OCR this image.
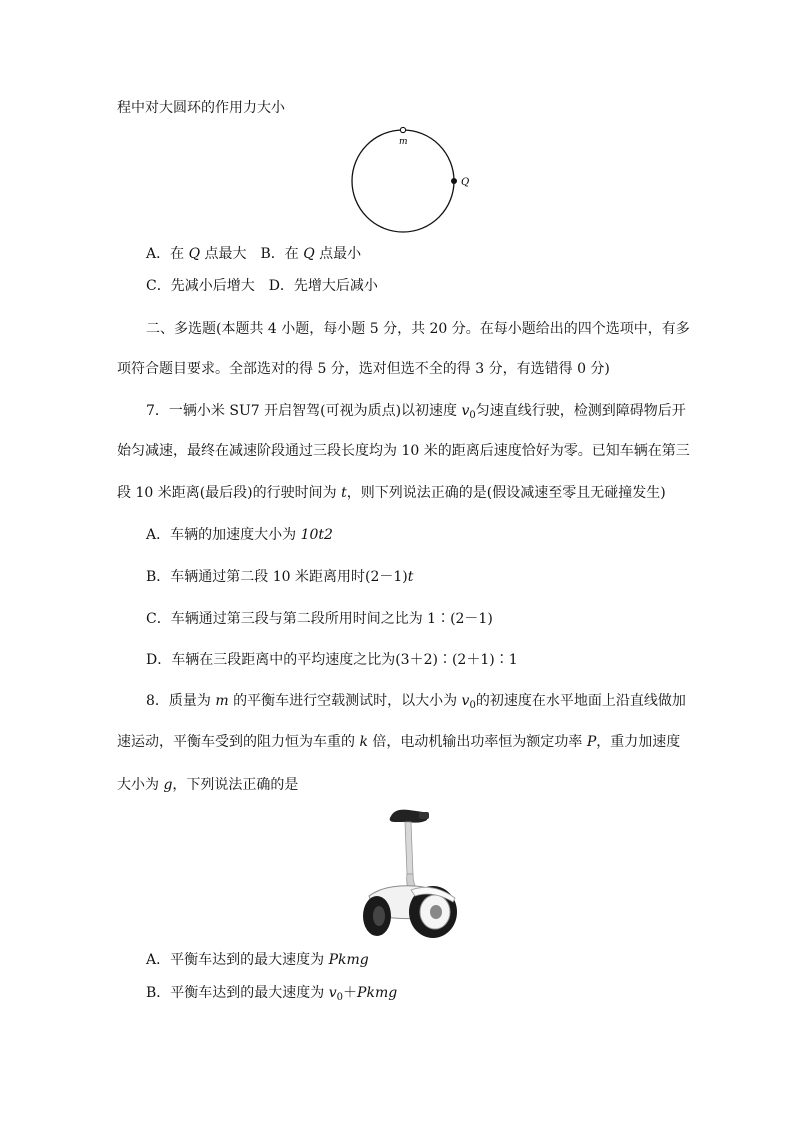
程中对大圆环的作用力大小
m
Q
A．在 Q 点最大　B．在 Q 点最小
C．先减小后增大　D．先增大后减小
二、多选题(本题共 4 小题，每小题 5 分，共 20 分。在每小题给出的四个选项中，有多
项符合题目要求。全部选对的得 5 分，选对但选不全的得 3 分，有选错得 0 分)
7．一辆小米 SU7 开启智驾(可视为质点)以初速度 $v_0$匀速直线行驶，检测到障碍物后开
始匀减速，最终在减速阶段通过三段长度均为 10 米的距离后速度恰好为零。已知车辆在第三
段 10 米距离(最后段)的行驶时间为 t，则下列说法正确的是(假设减速至零且无碰撞发生)
A．车辆的加速度大小为 10t2
B．车辆通过第二段 10 米距离用时(2－1)t
C．车辆通过第三段与第二段所用时间之比为 1∶(2－1)
D．车辆在三段距离中的平均速度之比为(3＋2)∶(2＋1)∶1
8．质量为 m 的平衡车进行空载测试时，以大小为 $v_0$的初速度在水平地面上沿直线做加
速运动，平衡车受到的阻力恒为车重的 k 倍，电动机输出功率恒为额定功率 P，重力加速度
大小为 g，下列说法正确的是
A．平衡车达到的最大速度为 Pkmg
B．平衡车达到的最大速度为 $v_0+Pkmg$
